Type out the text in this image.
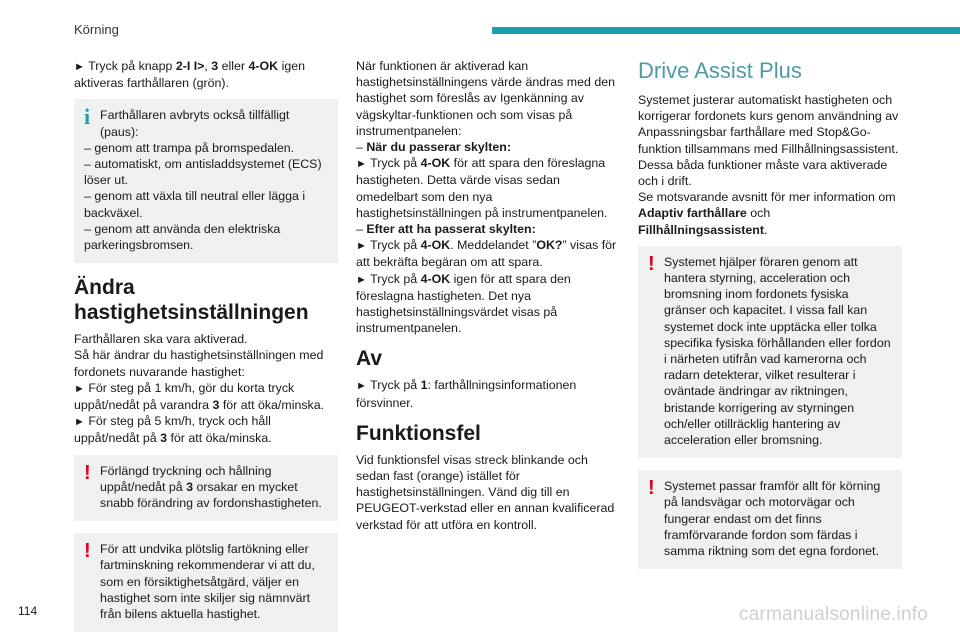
Körning

► Tryck på knapp 2-I I>, 3 eller 4-OK igen aktiveras farthållaren (grön).

i Farthållaren avbryts också tillfälligt (paus):
– genom att trampa på bromspedalen.
– automatiskt, om antisladdsystemet (ECS) löser ut.
– genom att växla till neutral eller lägga i backväxel.
– genom att använda den elektriska parkeringsbromsen.
Ändra hastighetsinställningen
Farthållaren ska vara aktiverad.

Så här ändrar du hastighetsinställningen med fordonets nuvarande hastighet:

► För steg på 1 km/h, gör du korta tryck uppåt/nedåt på varandra 3 för att öka/minska.

► För steg på 5 km/h, tryck och håll uppåt/nedåt på 3 för att öka/minska.

! Förlängd tryckning och hållning uppåt/nedåt på 3 orsakar en mycket snabb förändring av fordonshastigheten.
! För att undvika plötslig fartökning eller fartminskning rekommenderar vi att du, som en försiktighetsåtgärd, väljer en hastighet som inte skiljer sig nämnvärt från bilens aktuella hastighet.
När funktionen är aktiverad kan hastighetsinställningens värde ändras med den hastighet som föreslås av Igenkänning av vägskyltar-funktionen och som visas på instrumentpanelen:
– När du passerar skylten:
► Tryck på 4-OK för att spara den föreslagna hastigheten. Detta värde visas sedan omedelbart som den nya hastighetsinställningen på instrumentpanelen.
– Efter att ha passerat skylten:
► Tryck på 4-OK. Meddelandet ”OK?” visas för att bekräfta begäran om att spara.

► Tryck på 4-OK igen för att spara den föreslagna hastigheten. Det nya hastighetsinställningsvärdet visas på instrumentpanelen.

Av

► Tryck på 1: farthållningsinformationen försvinner.

Funktionsfel

Vid funktionsfel visas streck blinkande och sedan fast (orange) istället för hastighetsinställningen. Vänd dig till en PEUGEOT-verkstad eller en annan kvalificerad verkstad för att utföra en kontroll.

Drive Assist Plus
Systemet justerar automatiskt hastigheten och korrigerar fordonets kurs genom användning av Anpassningsbar farthållare med Stop&Go-funktion tillsammans med Fillhållningsassistent. Dessa båda funktioner måste vara aktiverade och i drift.

Se motsvarande avsnitt för mer information om Adaptiv farthållare och Fillhållningsassistent.

! Systemet hjälper föraren genom att hantera styrning, acceleration och bromsning inom fordonets fysiska gränser och kapacitet. I vissa fall kan systemet dock inte upptäcka eller tolka specifika fysiska förhållanden eller fordon i närheten utifrån vad kamerorna och radarn detekterar, vilket resulterar i oväntade ändringar av riktningen, bristande korrigering av styrningen och/eller otillräcklig hantering av acceleration eller bromsning.
! Systemet passar framför allt för körning på landsvägar och motorvägar och fungerar endast om det finns framförvarande fordon som färdas i samma riktning som det egna fordonet.
114	carmanualsonline.info
